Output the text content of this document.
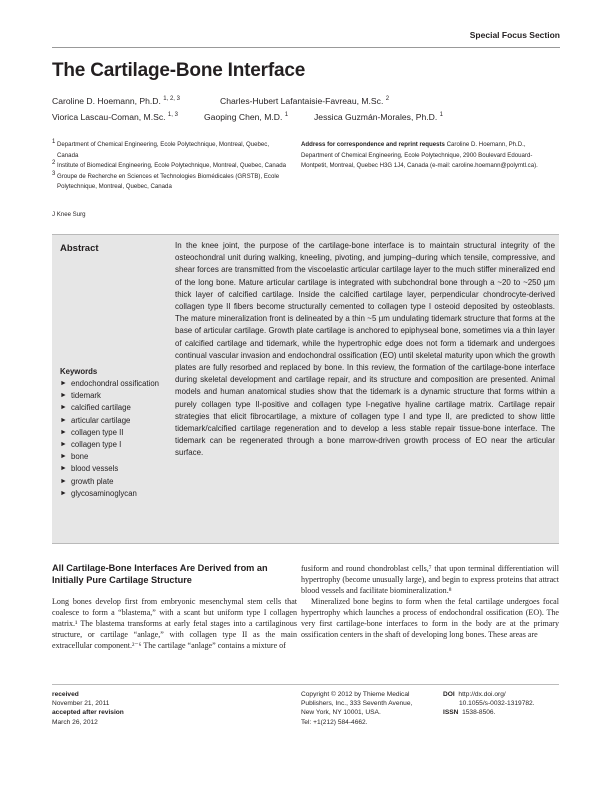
Special Focus Section
The Cartilage-Bone Interface
Caroline D. Hoemann, Ph.D. $^{1, 2, 3}$	Charles-Hubert Lafantaisie-Favreau, M.Sc. $^2$
Viorica Lascau-Coman, M.Sc. $^{1, 3}$	Gaoping Chen, M.D. $^1$	Jessica Guzmán-Morales, Ph.D. $^1$
$^1$ Department of Chemical Engineering, Ecole Polytechnique, Montreal, Quebec, Canada
$^2$ Institute of Biomedical Engineering, Ecole Polytechnique, Montreal, Quebec, Canada
$^3$ Groupe de Recherche en Sciences et Technologies Biomédicales (GRSTB), Ecole Polytechnique, Montreal, Quebec, Canada
Address for correspondence and reprint requests Caroline D. Hoemann, Ph.D., Department of Chemical Engineering, Ecole Polytechnique, 2900 Boulevard Edouard-Montpetit, Montreal, Quebec H3G 1J4, Canada (e-mail: caroline.hoemann@polymtl.ca).
J Knee Surg
Abstract	In the knee joint, the purpose of the cartilage-bone interface is to maintain structural integrity of the osteochondral unit during walking, kneeling, pivoting, and jumping–during which tensile, compressive, and shear forces are transmitted from the viscoelastic articular cartilage layer to the much stiffer mineralized end of the long bone. Mature articular cartilage is integrated with subchondral bone through a ~20 to ~250 µm thick layer of calcified cartilage. Inside the calcified cartilage layer, perpendicular chondrocyte-derived collagen type II fibers become structurally cemented to collagen type I osteoid deposited by osteoblasts. The mature mineralization front is delineated by a thin ~5 µm undulating tidemark structure that forms at the base of articular cartilage. Growth plate cartilage is anchored to epiphyseal bone, sometimes via a thin layer of calcified cartilage and tidemark, while the hypertrophic edge does not form a tidemark and undergoes continual vascular invasion and endochondral ossification (EO) until skeletal maturity upon which the growth plates are fully resorbed and replaced by bone. In this review, the formation of the cartilage-bone interface during skeletal development and cartilage repair, and its structure and composition are presented. Animal models and human anatomical studies show that the tidemark is a dynamic structure that forms within a purely collagen type II-positive and collagen type I-negative hyaline cartilage matrix. Cartilage repair strategies that elicit fibrocartilage, a mixture of collagen type I and type II, are predicted to show little tidemark/calcified cartilage regeneration and to develop a less stable repair tissue-bone interface. The tidemark can be regenerated through a bone marrow-driven growth process of EO near the articular surface.

Keywords
► endochondral ossification
► tidemark
► calcified cartilage
► articular cartilage
► collagen type II
► collagen type I
► bone
► blood vessels
► growth plate
► glycosaminoglycan
All Cartilage-Bone Interfaces Are Derived from an Initially Pure Cartilage Structure

Long bones develop first from embryonic mesenchymal stem cells that coalesce to form a “blastema,” with a scant but uniform type I collagen matrix.¹ The blastema transforms at early fetal stages into a cartilaginous structure, or cartilage “anlage,” with collagen type II as the main extracellular component.²⁻⁶ The cartilage “anlage” contains a mixture of

fusiform and round chondroblast cells,⁷ that upon terminal differentiation will hypertrophy (become unusually large), and begin to express proteins that attract blood vessels and facilitate biomineralization.⁸

Mineralized bone begins to form when the fetal cartilage undergoes focal hypertrophy which launches a process of endochondral ossification (EO). The very first cartilage-bone interfaces to form in the body are at the primary ossification centers in the shaft of developing long bones. These areas are

received
November 21, 2011
accepted after revision
March 26, 2012
Copyright © 2012 by Thieme Medical
Publishers, Inc., 333 Seventh Avenue,
New York, NY 10001, USA.
Tel: +1(212) 584-4662.
DOI http://dx.doi.org/
10.1055/s-0032-1319782.
ISSN 1538-8506.
